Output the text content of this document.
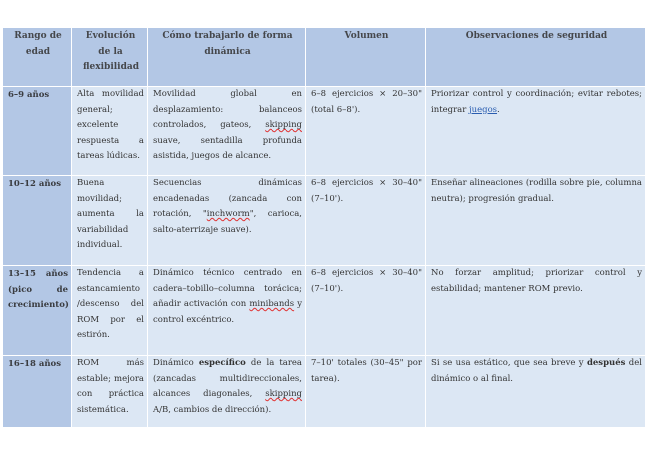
Rango de edad	Evolución de la flexibilidad	Cómo trabajarlo de forma dinámica	Volumen	Observaciones de seguridad
6–9 años	Alta movilidad general; excelente respuesta a tareas lúdicas.	Movilidad global en desplazamiento: balanceos controlados, gateos, skipping suave, sentadilla profunda asistida, juegos de alcance.	6–8 ejercicios × 20–30" (total 6–8').	Priorizar control y coordinación; evitar rebotes; integrar juegos.
10–12 años	Buena movilidad; aumenta la variabilidad individual.	Secuencias dinámicas encadenadas (zancada con rotación, "inchworm", carioca, salto-aterrizaje suave).	6–8 ejercicios × 30–40" (7–10').	Enseñar alineaciones (rodilla sobre pie, columna neutra); progresión gradual.
13–15 años (pico de crecimiento)	Tendencia a estancamiento /descenso del ROM por el estirón.	Dinámico técnico centrado en cadera–tobillo–columna torácica; añadir activación con minibands y control excéntrico.	6–8 ejercicios × 30–40" (7–10').	No forzar amplitud; priorizar control y estabilidad; mantener ROM previo.
16–18 años	ROM más estable; mejora con práctica sistemática.	Dinámico específico de la tarea (zancadas multidireccionales, alcances diagonales, skipping A/B, cambios de dirección).	7–10' totales (30–45" por tarea).	Si se usa estático, que sea breve y después del dinámico o al final.
